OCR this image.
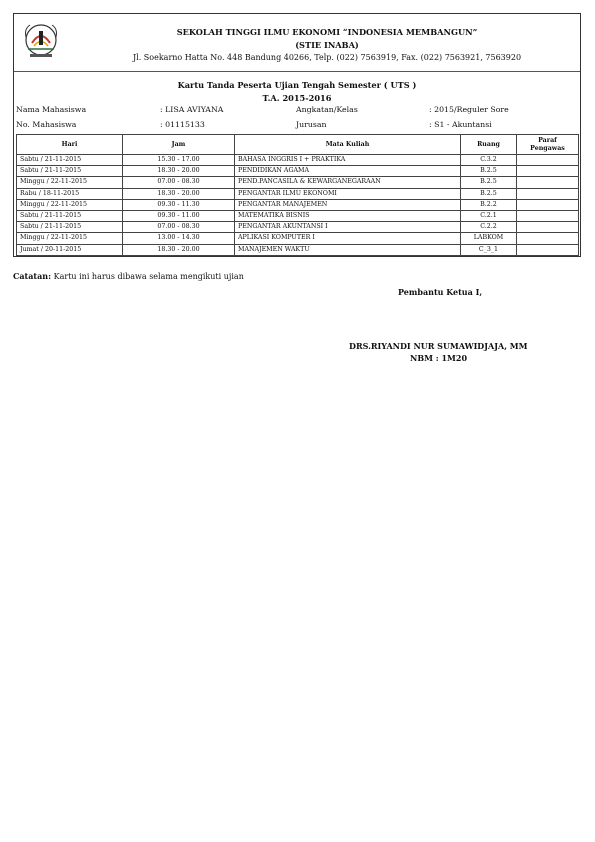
SEKOLAH TINGGI ILMU EKONOMI “INDONESIA MEMBANGUN”
(STIE INABA)
Jl. Soekarno Hatta No. 448 Bandung 40266, Telp. (022) 7563919, Fax. (022) 7563921, 7563920
Kartu Tanda Peserta Ujian Tengah Semester ( UTS )
T.A. 2015-2016
Nama Mahasiswa	: LISA AVIYANA	Angkatan/Kelas	: 2015/Reguler Sore
No. Mahasiswa	: 01115133	Jurusan	: S1 - Akuntansi
Hari	Jam	Mata Kuliah	Ruang	Paraf Pengawas
Sabtu / 21-11-2015	15.30 - 17.00	BAHASA INGGRIS I + PRAKTIKA	C.3.2	
Sabtu / 21-11-2015	18.30 - 20.00	PENDIDIKAN AGAMA	B.2.5	
Minggu / 22-11-2015	07.00 - 08.30	PEND.PANCASILA & KEWARGANEGARAAN	B.2.5	
Rabu / 18-11-2015	18.30 - 20.00	PENGANTAR ILMU EKONOMI	B.2.5	
Minggu / 22-11-2015	09.30 - 11.30	PENGANTAR MANAJEMEN	B.2.2	
Sabtu / 21-11-2015	09.30 - 11.00	MATEMATIKA BISNIS	C.2.1	
Sabtu / 21-11-2015	07.00 - 08.30	PENGANTAR AKUNTANSI I	C.2.2	
Minggu / 22-11-2015	13.00 - 14.30	APLIKASI KOMPUTER I	LABKOM	
Jumat / 20-11-2015	18.30 - 20.00	MANAJEMEN WAKTU	C_3_1	
Catatan: Kartu ini harus dibawa selama mengikuti ujian
Pembantu Ketua I,
DRS.RIYANDI NUR SUMAWIDJAJA, MM
NBM : 1M20
